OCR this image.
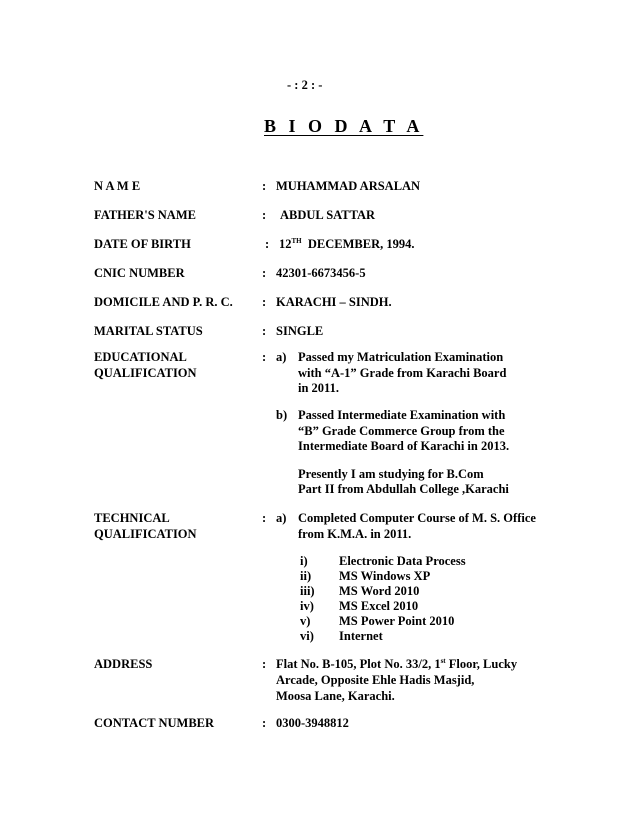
- : 2 : -
B I O D A T A
N A M E	: MUHAMMAD ARSALAN
FATHER'S NAME	: ABDUL SATTAR
DATE OF BIRTH	: 12TH DECEMBER, 1994.
CNIC NUMBER	: 42301-6673456-5
DOMICILE AND P. R. C. : KARACHI – SINDH.
MARITAL STATUS	: SINGLE
EDUCATIONAL
QUALIFICATION
: a) Passed my Matriculation Examination
with “A-1” Grade from Karachi Board
in 2011.
b) Passed Intermediate Examination with
“B” Grade Commerce Group from the
Intermediate Board of Karachi in 2013.
Presently I am studying for B.Com
Part II from Abdullah College ,Karachi
TECHNICAL
QUALIFICATION
: a) Completed Computer Course of M. S. Office
from K.M.A. in 2011.
i)	Electronic Data Process
ii) MS Windows XP
iii) MS Word 2010
iv) MS Excel 2010
v) MS Power Point 2010
vi) Internet
ADDRESS	: Flat No. B-105, Plot No. 33/2, 1st Floor, Lucky
Arcade, Opposite Ehle Hadis Masjid,
Moosa Lane, Karachi.
CONTACT NUMBER	: 0300-3948812
